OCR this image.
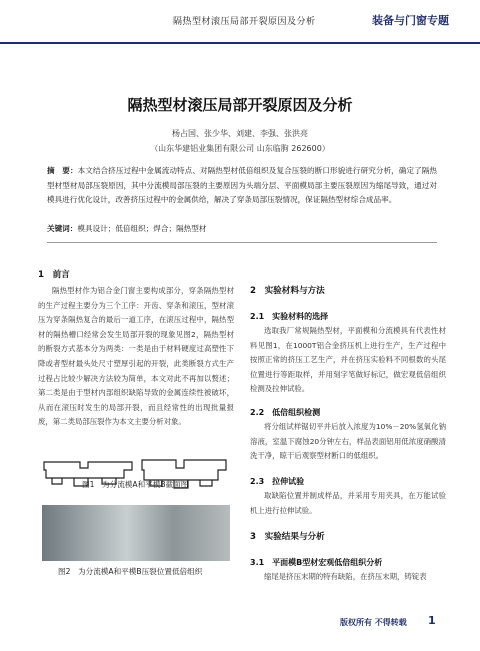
隔热型材滚压局部开裂原因及分析	装备与门窗专题
隔热型材滚压局部开裂原因及分析
杨占国、张少华、刘建、李强、张洪亮
（山东华建铝业集团有限公司 山东临朐 262600）
摘　要：本文结合挤压过程中金属流动特点、对隔热型材低倍组织及复合压裂的断口形貌进行研究分析，确定了隔热型材型材局部压裂原因，其中分流模局部压裂的主要原因为头端分层、平面模局部主要压裂原因为缩尾导致，通过对模具进行优化设计，改善挤压过程中的金属供给，解决了穿条局部压裂情况，保证隔热型材综合成品率。
关键词：模具设计；低倍组织；焊合；隔热型材
1　前言
隔热型材作为铝合金门窗主要构成部分，穿条隔热型材的生产过程主要分为三个工序：开齿、穿条和滚压，型材滚压为穿条隔热复合的最后一道工序，在滚压过程中，隔热型材的隔热槽口经常会发生局部开裂的现象见图2，隔热型材的断裂方式基本分为两类：一类是由于材料硬度过高塑性下降或者型材最头处尺寸塑厚引起的开裂，此类断裂方式生产过程占比较少解决方法较为简单，本文对此不再加以赘述；第二类是由于型材内部组织缺陷导致的金属连续性被破坏，从而在滚压时发生的局部开裂，而且经常性的出现批量报废，第二类局部压裂作为本文主要分析对象。
图1　为分流模A和平模B截面图
图2　为分流模A和平模B压裂位置低倍组织
2　实验材料与方法
2.1　实验材料的选择
选取我厂常规隔热型材，平面模和分流模具有代表性材料见图1，在1000T铝合金挤压机上进行生产，生产过程中按照正常的挤压工艺生产，并在挤压实验料不同根数的头尾位置进行等距取样，并用刻字笔做好标记，做宏观低倍组织检测及拉伸试验。
2.2　低倍组织检测
将分组试样锯切平并后放入浓度为10%－20%氢氧化钠溶液，室温下腐蚀20分钟左右，样品表面铝用低浓度硝酸清洗干净，晾干后观察型材断口的低组织。
2.3　拉伸试验
取缺陷位置并制成样品，并采用专用夹具，在万能试验机上进行拉伸试验。
3　实验结果与分析
3.1　平面模B型材宏观低倍组织分析
缩尾是挤压末期的特有缺陷，在挤压末期，铸锭表
版权所有 不得转载 1
